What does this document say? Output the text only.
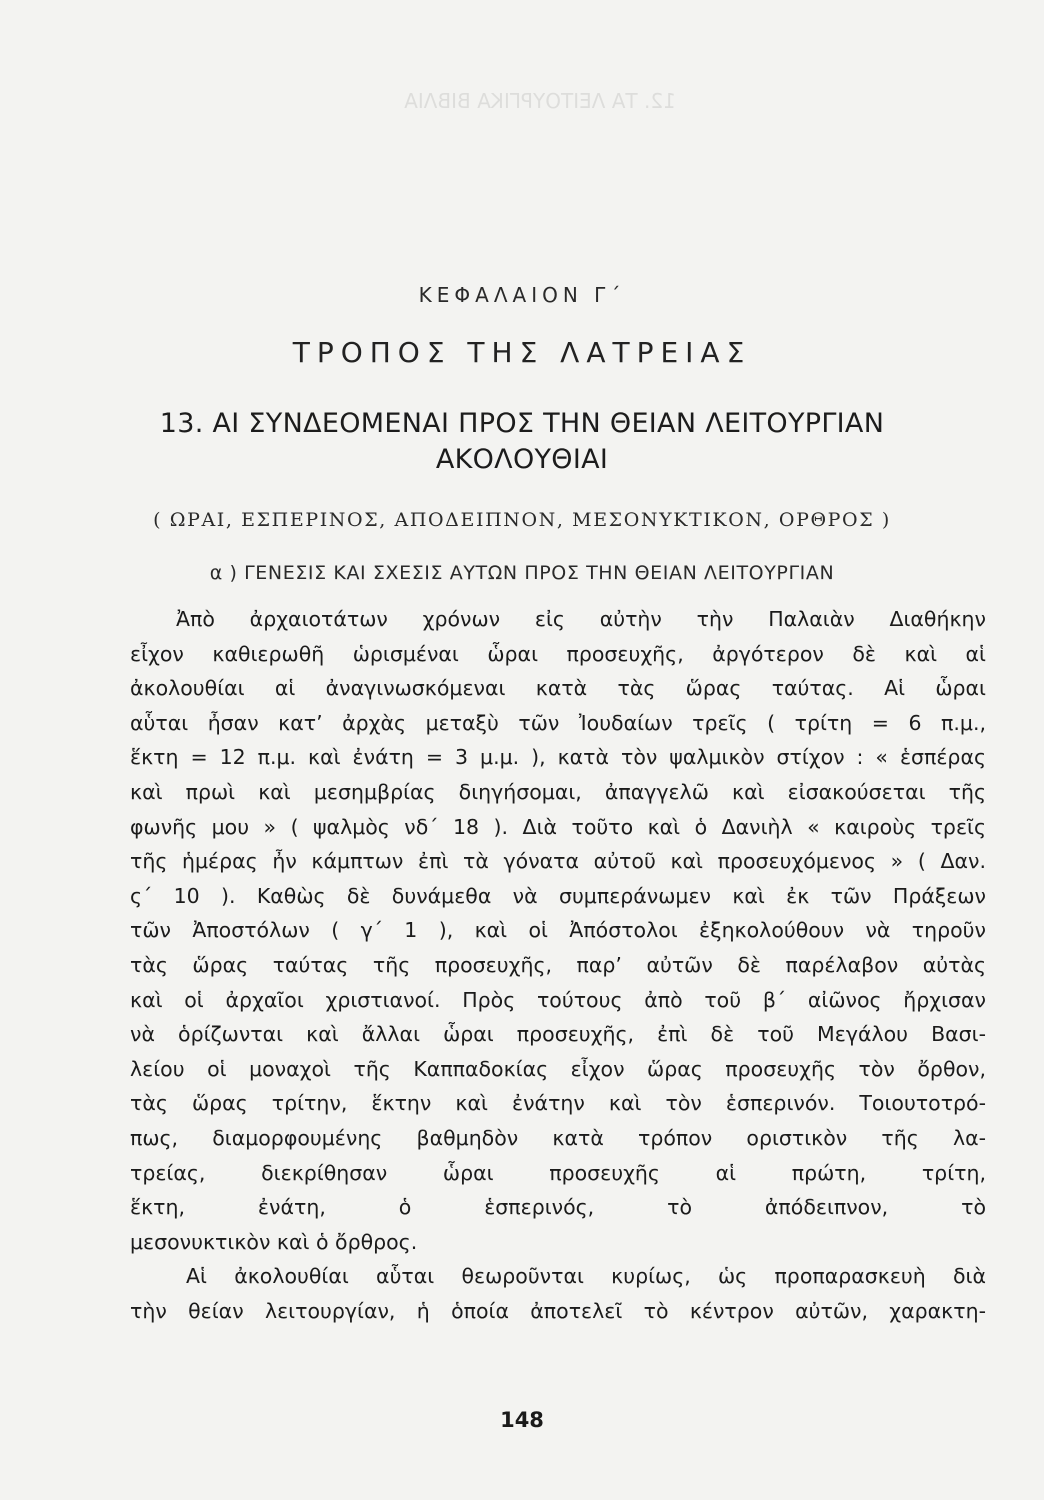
12. ΤΑ ΛΕΙΤΟΥΡΓΙΚΑ ΒΙΒΛΙΑ
ΚΕΦΑΛΑΙΟΝ Γ΄
ΤΡΟΠΟΣ ΤΗΣ ΛΑΤΡΕΙΑΣ
13. ΑΙ ΣΥΝΔΕΟΜΕΝΑΙ ΠΡΟΣ ΤΗΝ ΘΕΙΑΝ ΛΕΙΤΟΥΡΓΙΑΝ
ΑΚΟΛΟΥΘΙΑΙ
( ΩΡΑΙ, ΕΣΠΕΡΙΝΟΣ, ΑΠΟΔΕΙΠΝΟΝ, ΜΕΣΟΝΥΚΤΙΚΟΝ, ΟΡΘΡΟΣ )
α ) ΓΕΝΕΣΙΣ ΚΑΙ ΣΧΕΣΙΣ ΑΥΤΩΝ ΠΡΟΣ ΤΗΝ ΘΕΙΑΝ ΛΕΙΤΟΥΡΓΙΑΝ
Ἀπὸ ἀρχαιοτάτων χρόνων εἰς αὐτὴν τὴν Παλαιὰν Διαθήκην
εἶχον καθιερωθῆ ὡρισμέναι ὧραι προσευχῆς, ἀργότερον δὲ καὶ αἱ
ἀκολουθίαι αἱ ἀναγινωσκόμεναι κατὰ τὰς ὥρας ταύτας. Αἱ ὧραι
αὗται ἦσαν κατ’ ἀρχὰς μεταξὺ τῶν Ἰουδαίων τρεῖς ( τρίτη = 6 π.μ.,
ἕκτη = 12 π.μ. καὶ ἐνάτη = 3 μ.μ. ), κατὰ τὸν ψαλμικὸν στίχον : « ἑσπέρας
καὶ πρωὶ καὶ μεσημβρίας διηγήσομαι, ἀπαγγελῶ καὶ εἰσακούσεται τῆς
φωνῆς μου » ( ψαλμὸς νδ΄ 18 ). Διὰ τοῦτο καὶ ὁ Δανιὴλ « καιροὺς τρεῖς
τῆς ἡμέρας ἦν κάμπτων ἐπὶ τὰ γόνατα αὐτοῦ καὶ προσευχόμενος » ( Δαν.
ς΄ 10 ). Καθὼς δὲ δυνάμεθα νὰ συμπεράνωμεν καὶ ἐκ τῶν Πράξεων
τῶν Ἀποστόλων ( γ΄ 1 ), καὶ οἱ Ἀπόστολοι ἐξηκολούθουν νὰ τηροῦν
τὰς ὥρας ταύτας τῆς προσευχῆς, παρ’ αὐτῶν δὲ παρέλαβον αὐτὰς
καὶ οἱ ἀρχαῖοι χριστιανοί. Πρὸς τούτους ἀπὸ τοῦ β΄ αἰῶνος ἤρχισαν
νὰ ὁρίζωνται καὶ ἄλλαι ὧραι προσευχῆς, ἐπὶ δὲ τοῦ Μεγάλου Βασι-
λείου οἱ μοναχοὶ τῆς Καππαδοκίας εἶχον ὥρας προσευχῆς τὸν ὄρθον,
τὰς ὥρας τρίτην, ἕκτην καὶ ἐνάτην καὶ τὸν ἑσπερινόν. Τοιουτοτρό-
πως, διαμορφουμένης βαθμηδὸν κατὰ τρόπον οριστικὸν τῆς λα-
τρείας, διεκρίθησαν ὧραι προσευχῆς αἱ πρώτη, τρίτη,
ἕκτη, ἐνάτη, ὁ ἑσπερινός, τὸ ἀπόδειπνον, τὸ
μεσονυκτικὸν καὶ ὁ ὄρθρος.
Αἱ ἀκολουθίαι αὗται θεωροῦνται κυρίως, ὡς προπαρασκευὴ διὰ
τὴν θείαν λειτουργίαν, ἡ ὁποία ἀποτελεῖ τὸ κέντρον αὐτῶν, χαρακτη-
148
